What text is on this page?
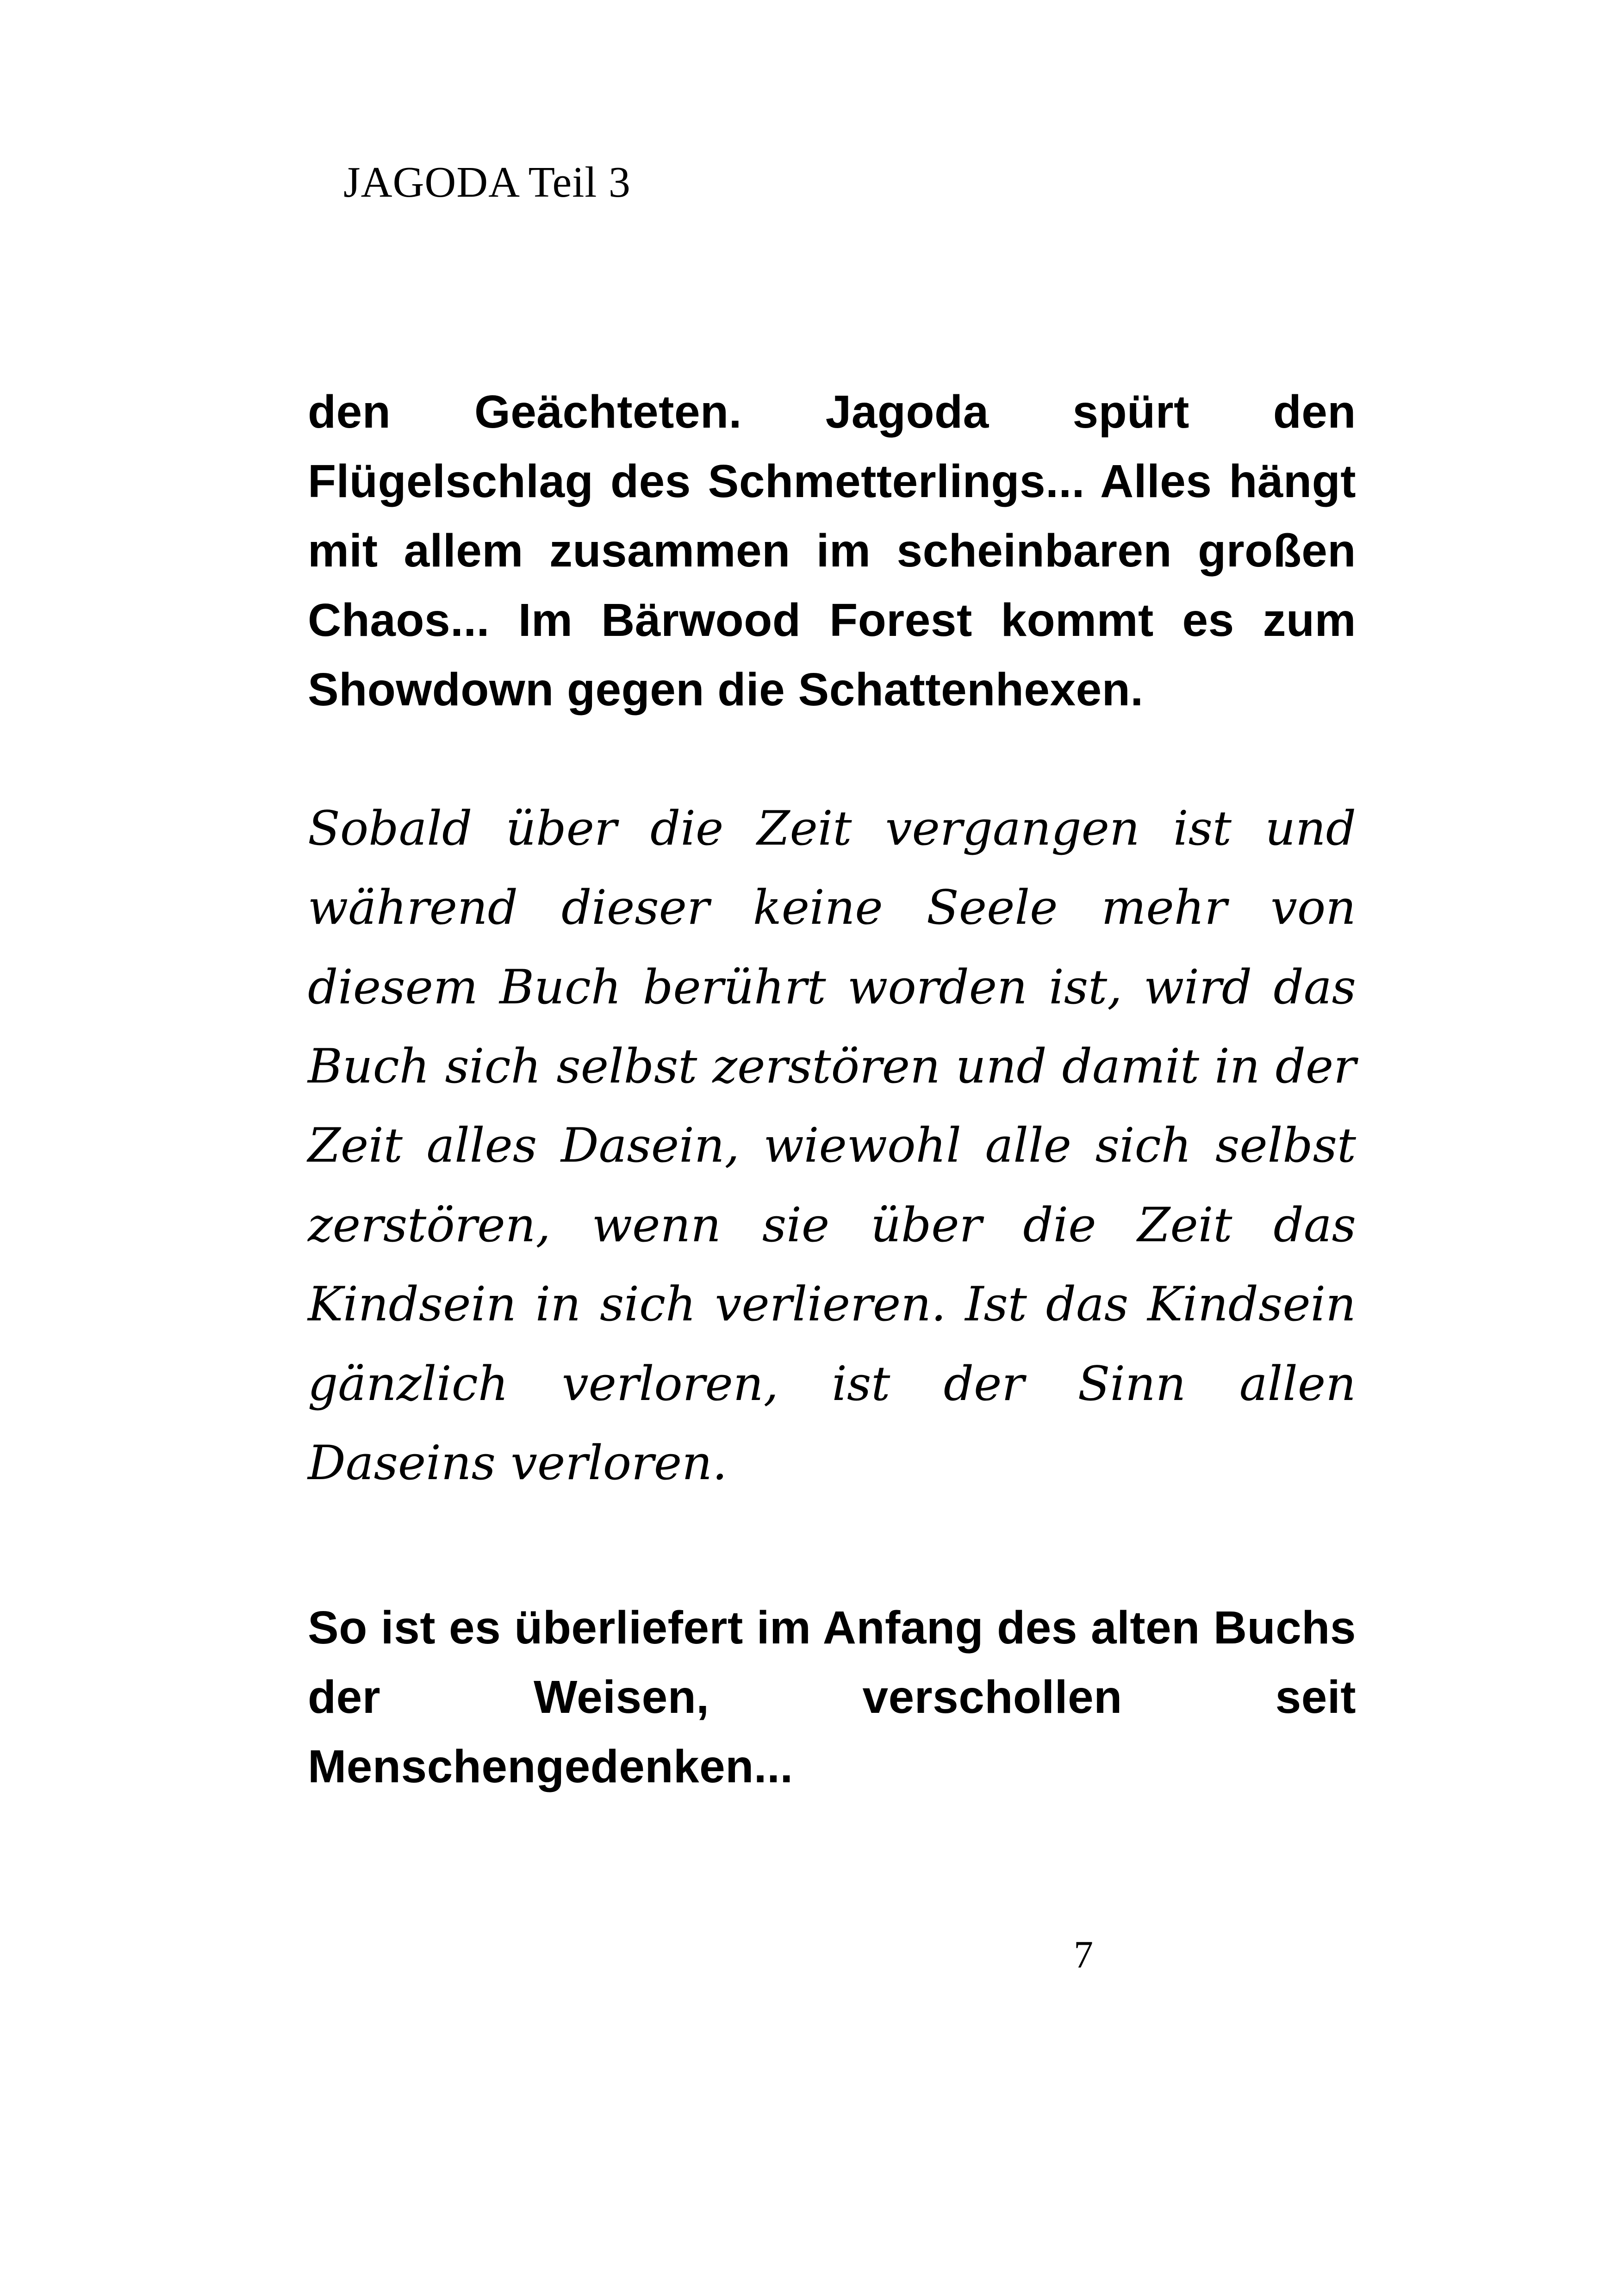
JAGODA Teil 3

den Geächteten. Jagoda spürt den Flügelschlag des Schmetterlings... Alles hängt mit allem zusammen im scheinbaren großen Chaos... Im Bärwood Forest kommt es zum Showdown gegen die Schattenhexen.

Sobald über die Zeit vergangen ist und während dieser keine Seele mehr von diesem Buch berührt worden ist, wird das Buch sich selbst zerstören und damit in der Zeit alles Dasein, wiewohl alle sich selbst zerstören, wenn sie über die Zeit das Kindsein in sich verlieren. Ist das Kindsein gänzlich verloren, ist der Sinn allen Daseins verloren.

So ist es überliefert im Anfang des alten Buchs der Weisen, verschollen seit Menschengedenken...

7
